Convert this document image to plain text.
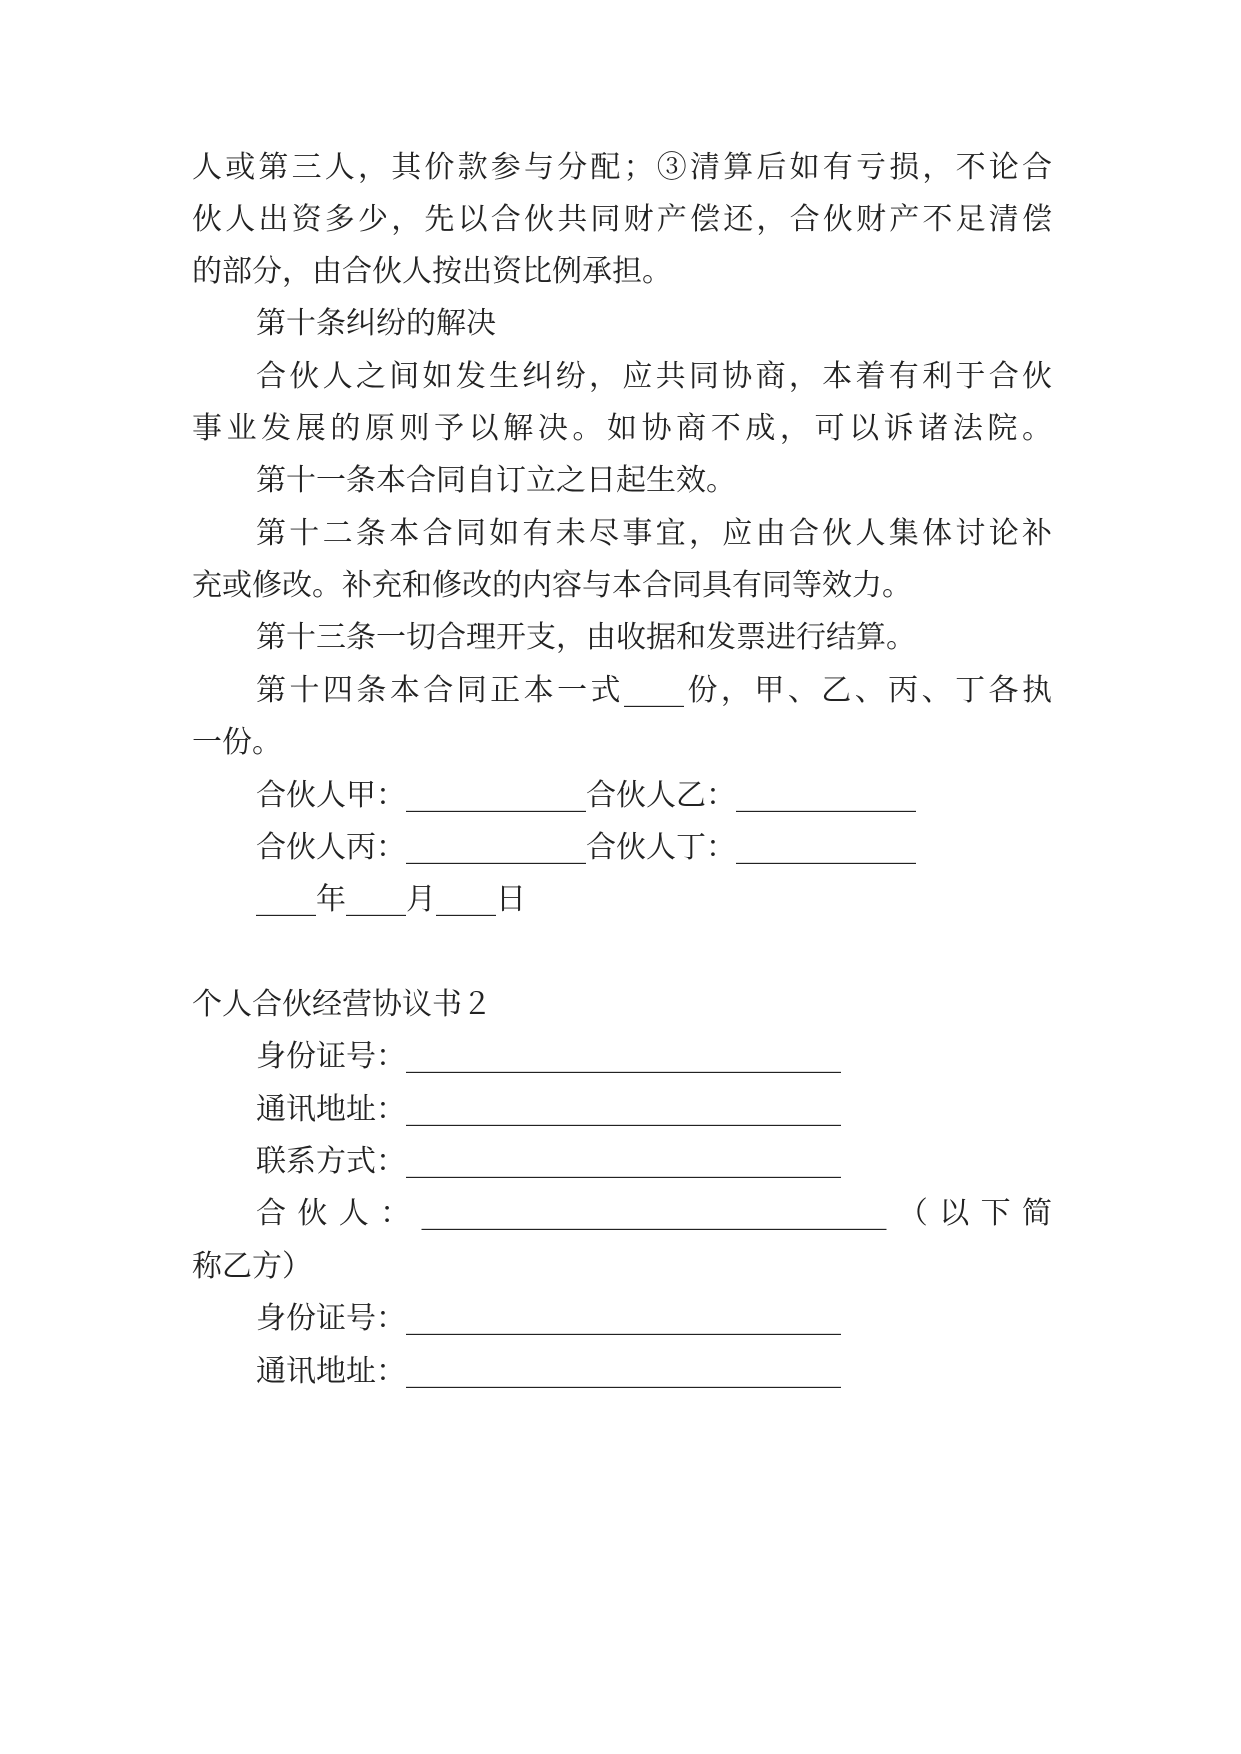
人或第三人，其价款参与分配；③清算后如有亏损，不论合
伙人出资多少，先以合伙共同财产偿还，合伙财产不足清偿
的部分，由合伙人按出资比例承担。
第十条纠纷的解决
合伙人之间如发生纠纷，应共同协商，本着有利于合伙
事业发展的原则予以解决。如协商不成，可以诉诸法院。
第十一条本合同自订立之日起生效。
第十二条本合同如有未尽事宜，应由合伙人集体讨论补
充或修改。补充和修改的内容与本合同具有同等效力。
第十三条一切合理开支，由收据和发票进行结算。
第十四条本合同正本一式____份，甲、乙、丙、丁各执
一份。
合伙人甲：____________合伙人乙：____________
合伙人丙：____________合伙人丁：____________
____年____月____日
个人合伙经营协议书２
身份证号：_____________________________
通讯地址：_____________________________
联系方式：_____________________________
合伙人：_______________________________（以下简
称乙方）
身份证号：_____________________________
通讯地址：_____________________________
